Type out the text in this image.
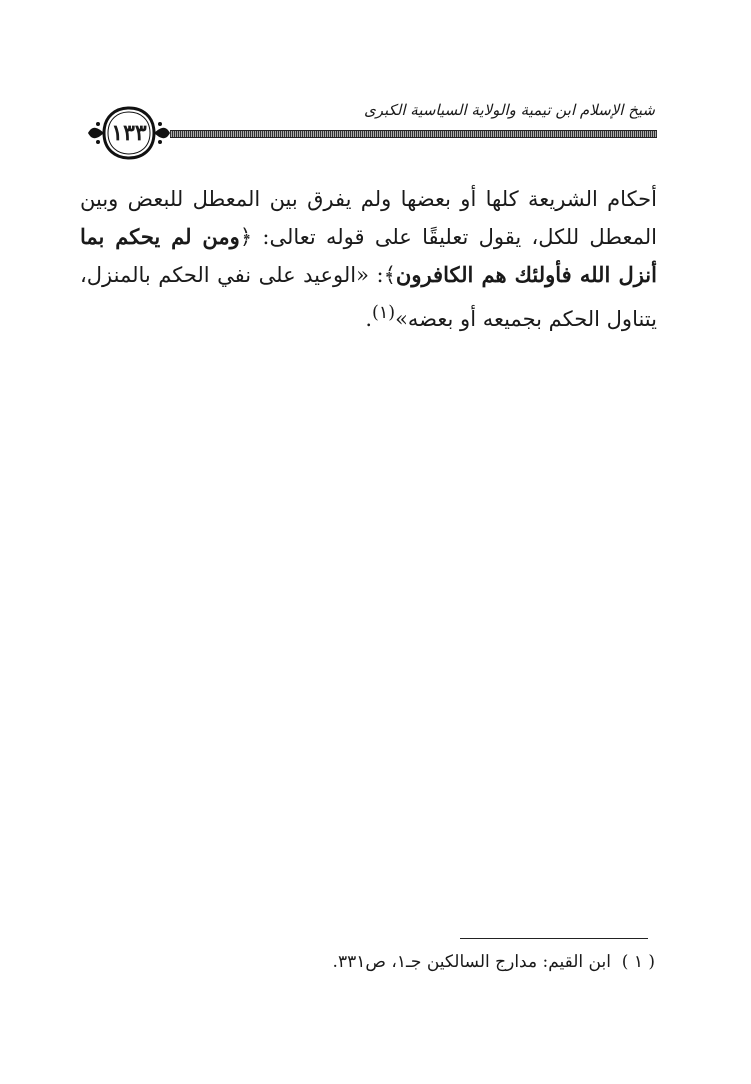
شيخ الإسلام ابن تيمية والولاية السياسية الكبرى
١٣٣
أحكام الشريعة كلها أو بعضها ولم يفرق بين المعطل للبعض وبين المعطل للكل، يقول تعليقًا على قوله تعالى: ﴿ومن لم يحكم بما أنزل الله فأولئك هم الكافرون﴾: «الوعيد على نفي الحكم بالمنزل، يتناول الحكم بجميعه أو بعضه»$^{(١)}$.
( ١ )  ابن القيم: مدارج السالكين جـ١، ص٣٣١.
